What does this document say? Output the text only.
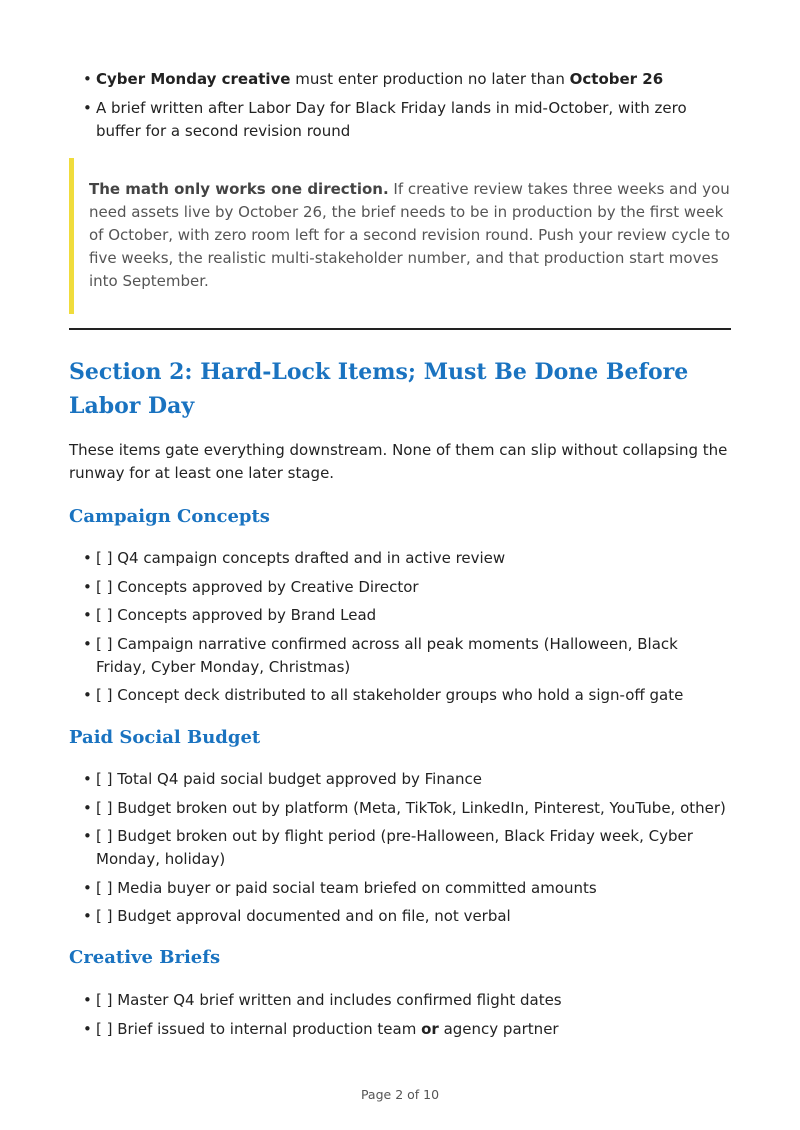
• Cyber Monday creative must enter production no later than October 26
• A brief written after Labor Day for Black Friday lands in mid-October, with zero buffer for a second revision round
The math only works one direction. If creative review takes three weeks and you need assets live by October 26, the brief needs to be in production by the first week of October, with zero room left for a second revision round. Push your review cycle to five weeks, the realistic multi-stakeholder number, and that production start moves into September.
Section 2: Hard-Lock Items; Must Be Done Before Labor Day

These items gate everything downstream. None of them can slip without collapsing the runway for at least one later stage.

Campaign Concepts
• [ ] Q4 campaign concepts drafted and in active review
• [ ] Concepts approved by Creative Director
• [ ] Concepts approved by Brand Lead
• [ ] Campaign narrative confirmed across all peak moments (Halloween, Black Friday, Cyber Monday, Christmas)
• [ ] Concept deck distributed to all stakeholder groups who hold a sign-off gate
Paid Social Budget
• [ ] Total Q4 paid social budget approved by Finance
• [ ] Budget broken out by platform (Meta, TikTok, LinkedIn, Pinterest, YouTube, other)
• [ ] Budget broken out by flight period (pre-Halloween, Black Friday week, Cyber Monday, holiday)
• [ ] Media buyer or paid social team briefed on committed amounts
• [ ] Budget approval documented and on file, not verbal
Creative Briefs
• [ ] Master Q4 brief written and includes confirmed flight dates
• [ ] Brief issued to internal production team or agency partner
Page 2 of 10
